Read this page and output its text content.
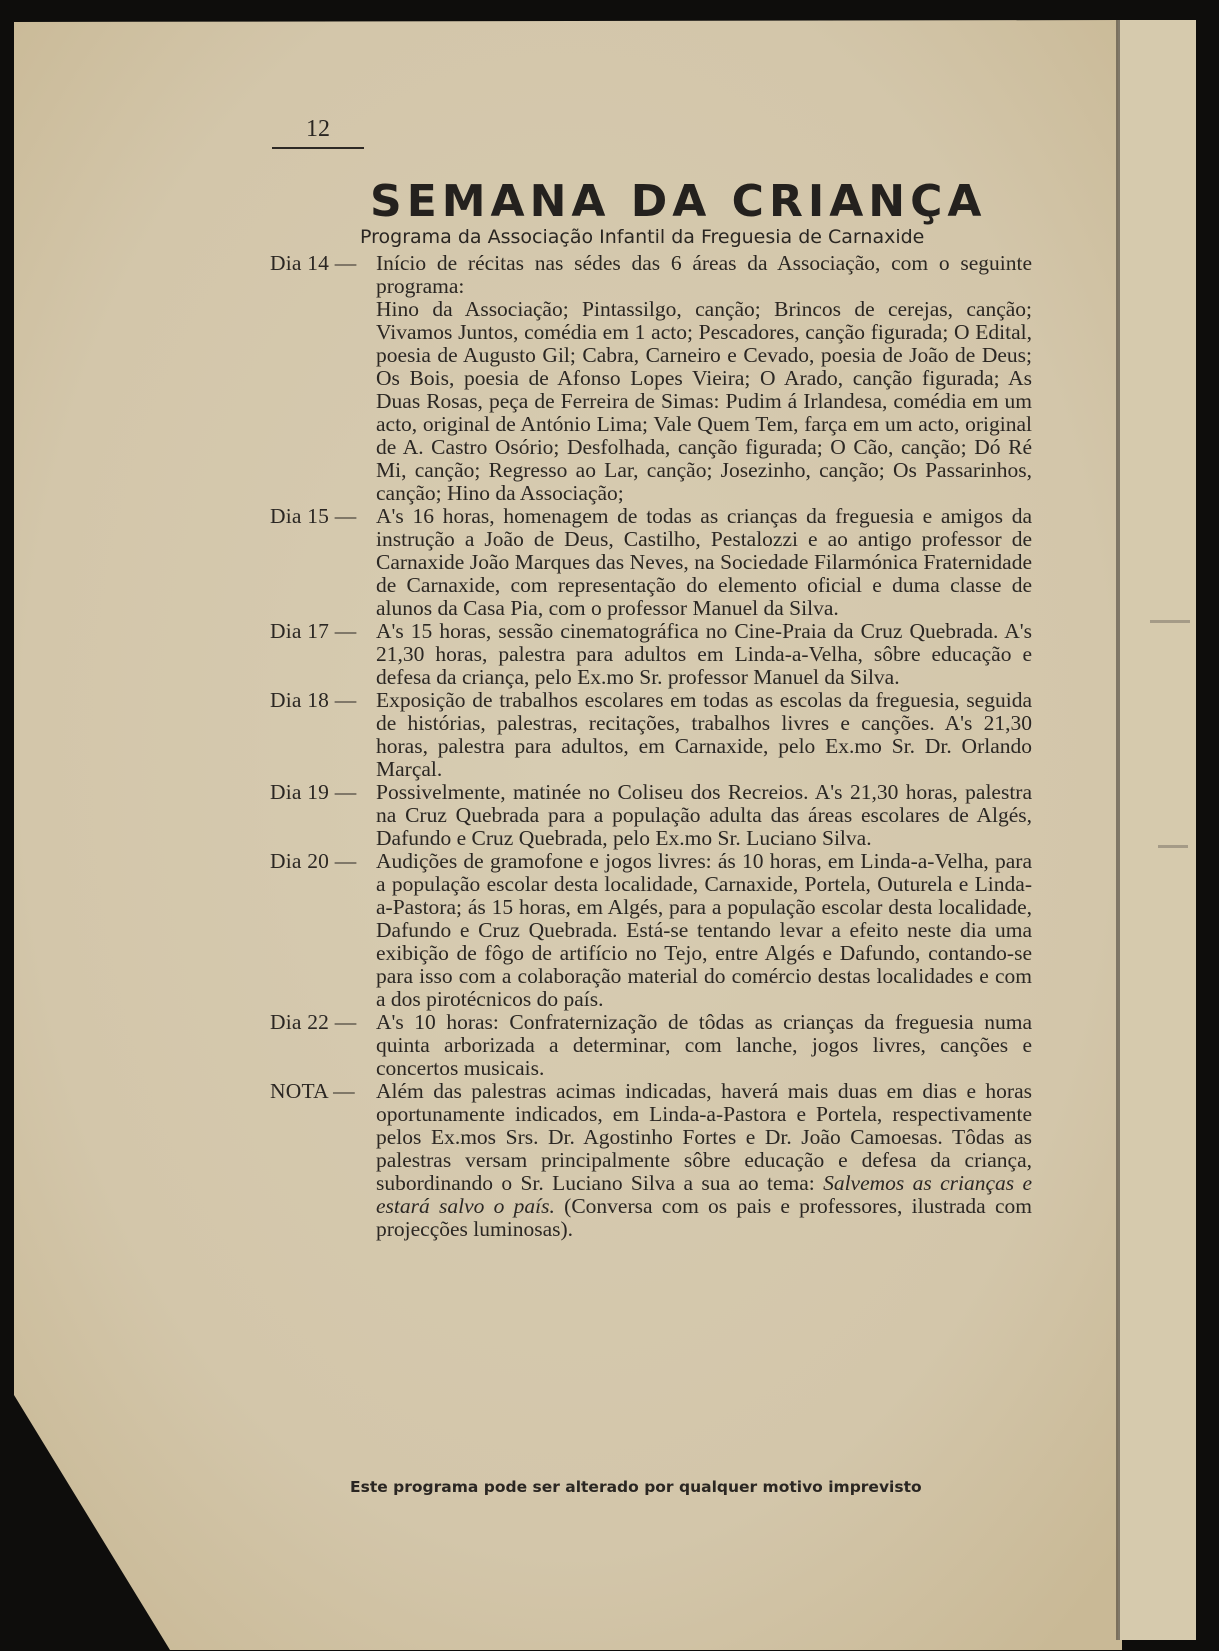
12
SEMANA DA CRIANÇA
Programa da Associação Infantil da Freguesia de Carnaxide
Dia 14 — Início de récitas nas sédes das 6 áreas da Associação, com o seguinte programa:

Hino da Associação; Pintassilgo, canção; Brincos de cerejas, canção; Vivamos Juntos, comédia em 1 acto; Pescadores, canção figurada; O Edital, poesia de Augusto Gil; Cabra, Carneiro e Cevado, poesia de João de Deus; Os Bois, poesia de Afonso Lopes Vieira; O Arado, canção figurada; As Duas Rosas, peça de Ferreira de Simas: Pudim á Irlandesa, comédia em um acto, original de António Lima; Vale Quem Tem, farça em um acto, original de A. Castro Osório; Desfolhada, canção figurada; O Cão, canção; Dó Ré Mi, canção; Regresso ao Lar, canção; Josezinho, canção; Os Passarinhos, canção; Hino da Associação;

Dia 15 — A's 16 horas, homenagem de todas as crianças da freguesia e amigos da instrução a João de Deus, Castilho, Pestalozzi e ao antigo professor de Carnaxide João Marques das Neves, na Sociedade Filarmónica Fraternidade de Carnaxide, com representação do elemento oficial e duma classe de alunos da Casa Pia, com o professor Manuel da Silva.

Dia 17 — A's 15 horas, sessão cinematográfica no Cine-Praia da Cruz Quebrada. A's 21,30 horas, palestra para adultos em Linda-a-Velha, sôbre educação e defesa da criança, pelo Ex.mo Sr. professor Manuel da Silva.

Dia 18 — Exposição de trabalhos escolares em todas as escolas da freguesia, seguida de histórias, palestras, recitações, trabalhos livres e canções. A's 21,30 horas, palestra para adultos, em Carnaxide, pelo Ex.mo Sr. Dr. Orlando Marçal.

Dia 19 — Possivelmente, matinée no Coliseu dos Recreios. A's 21,30 horas, palestra na Cruz Quebrada para a população adulta das áreas escolares de Algés, Dafundo e Cruz Quebrada, pelo Ex.mo Sr. Luciano Silva.

Dia 20 — Audições de gramofone e jogos livres: ás 10 horas, em Linda-a-Velha, para a população escolar desta localidade, Carnaxide, Portela, Outurela e Linda-a-Pastora; ás 15 horas, em Algés, para a população escolar desta localidade, Dafundo e Cruz Quebrada. Está-se tentando levar a efeito neste dia uma exibição de fôgo de artifício no Tejo, entre Algés e Dafundo, contando-se para isso com a colaboração material do comércio destas localidades e com a dos pirotécnicos do país.

Dia 22 — A's 10 horas: Confraternização de tôdas as crianças da freguesia numa quinta arborizada a determinar, com lanche, jogos livres, canções e concertos musicais.

NOTA — Além das palestras acimas indicadas, haverá mais duas em dias e horas oportunamente indicados, em Linda-a-Pastora e Portela, respectivamente pelos Ex.mos Srs. Dr. Agostinho Fortes e Dr. João Camoesas. Tôdas as palestras versam principalmente sôbre educação e defesa da criança, subordinando o Sr. Luciano Silva a sua ao tema: Salvemos as crianças e estará salvo o país. (Conversa com os pais e professores, ilustrada com projecções luminosas).

Este programa pode ser alterado por qualquer motivo imprevisto
